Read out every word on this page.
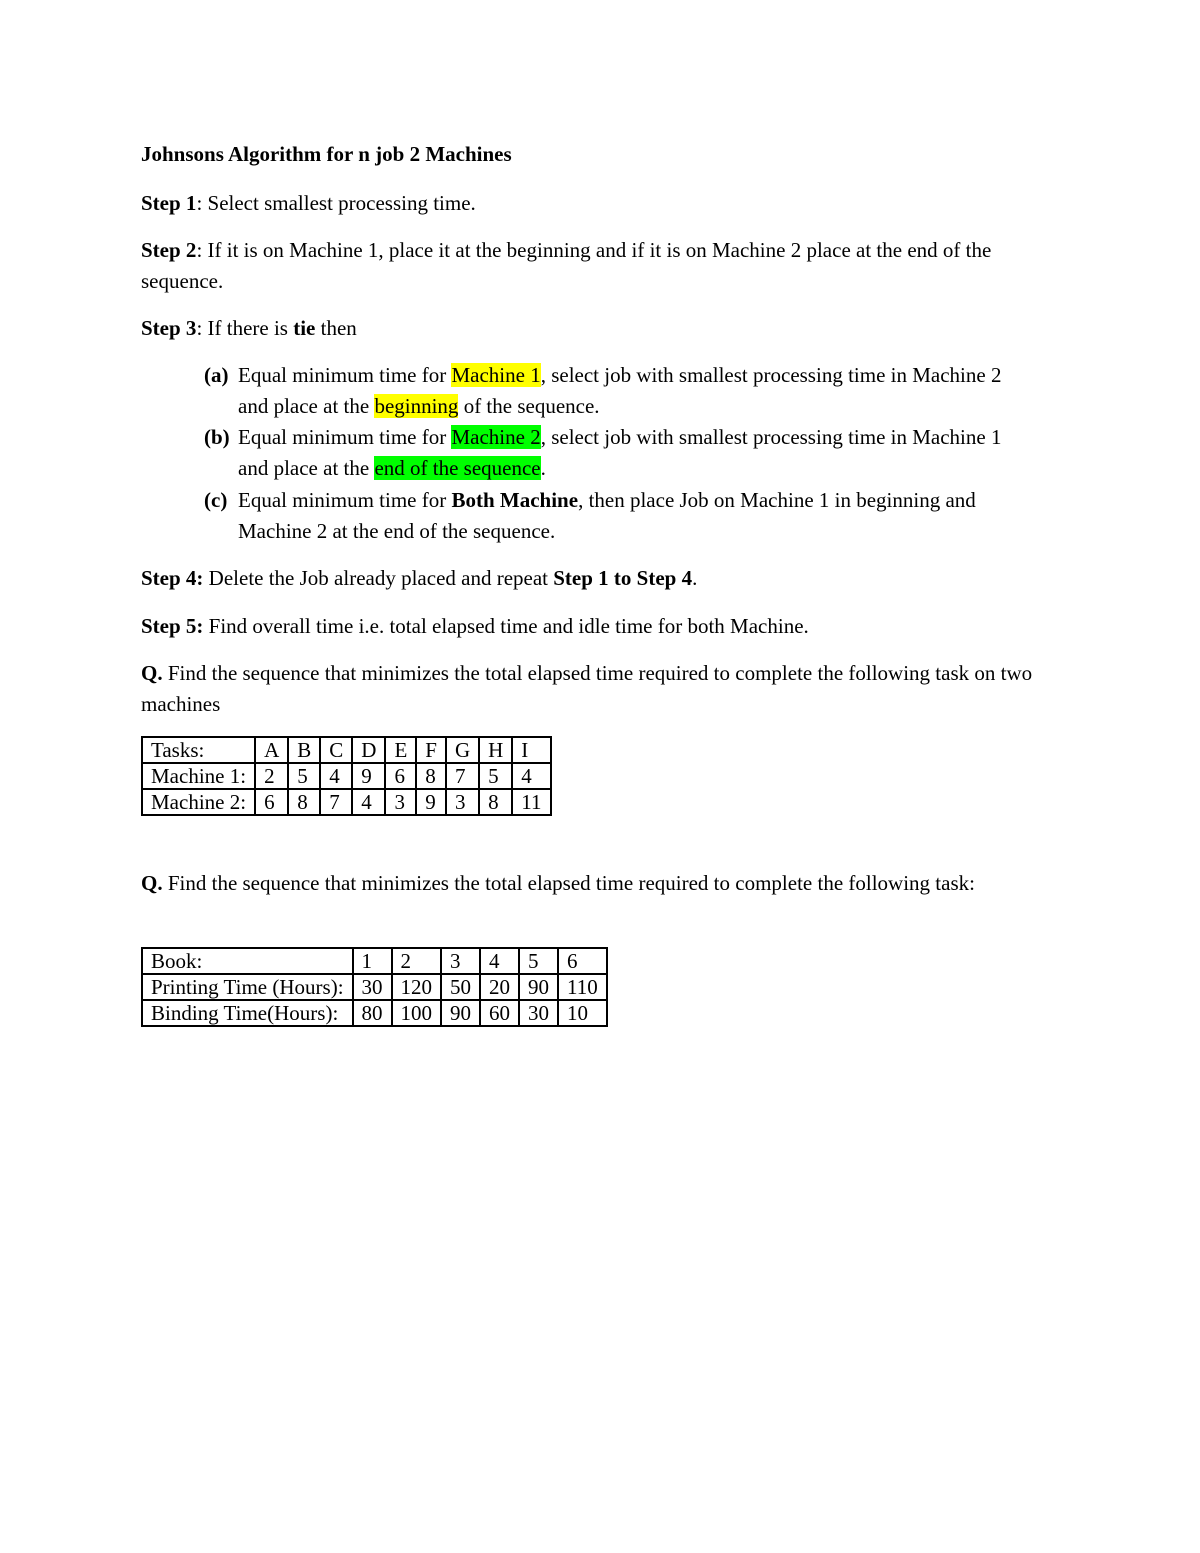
Johnsons Algorithm for n job 2 Machines
Step 1: Select smallest processing time.
Step 2: If it is on Machine 1, place it at the beginning and if it is on Machine 2 place at the end of the sequence.
Step 3: If there is tie then
(a) Equal minimum time for Machine 1, select job with smallest processing time in Machine 2 and place at the beginning of the sequence.
(b) Equal minimum time for Machine 2, select job with smallest processing time in Machine 1 and place at the end of the sequence.
(c) Equal minimum time for Both Machine, then place Job on Machine 1 in beginning and Machine 2 at the end of the sequence.
Step 4: Delete the Job already placed and repeat Step 1 to Step 4.
Step 5: Find overall time i.e. total elapsed time and idle time for both Machine.
Q. Find the sequence that minimizes the total elapsed time required to complete the following task on two machines
Tasks:	A	B	C	D	E	F	G	H	I
Machine 1:	2	5	4	9	6	8	7	5	4
Machine 2:	6	8	7	4	3	9	3	8	11
Q. Find the sequence that minimizes the total elapsed time required to complete the following task:
Book:	1	2	3	4	5	6
Printing Time (Hours):	30	120	50	20	90	110
Binding Time(Hours):	80	100	90	60	30	10
